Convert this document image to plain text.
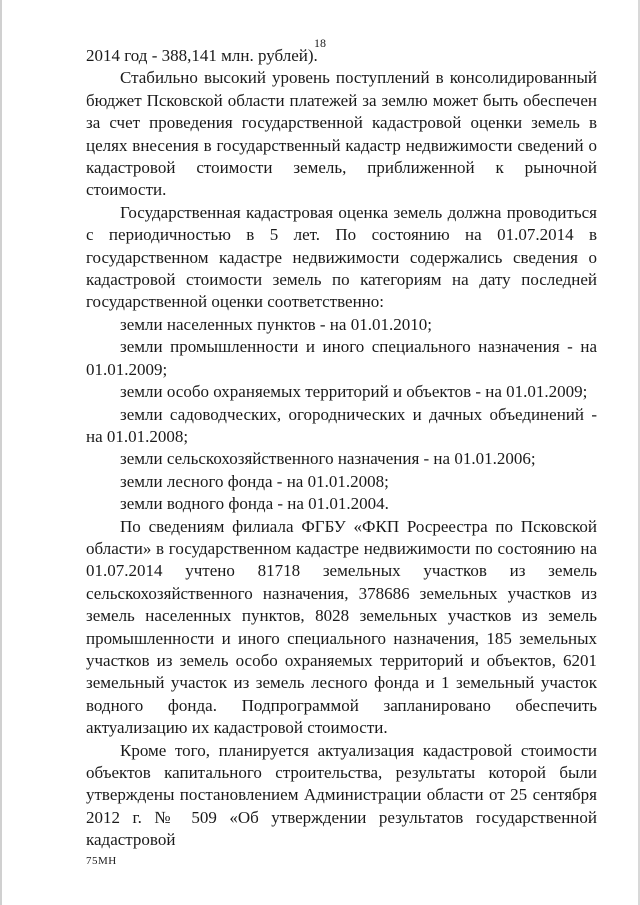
18

2014 год - 388,141 млн. рублей).

Стабильно высокий уровень поступлений в консолидированный бюджет Псковской области платежей за землю может быть обеспечен за счет проведения государственной кадастровой оценки земель в целях внесения в государственный кадастр недвижимости сведений о кадастровой стоимости земель, приближенной к рыночной стоимости.

Государственная кадастровая оценка земель должна проводиться с периодичностью в 5 лет. По состоянию на 01.07.2014 в государственном кадастре недвижимости содержались сведения о кадастровой стоимости земель по категориям на дату последней государственной оценки соответственно:

земли населенных пунктов - на 01.01.2010;

земли промышленности и иного специального назначения - на 01.01.2009;

земли особо охраняемых территорий и объектов - на 01.01.2009;

земли садоводческих, огороднических и дачных объединений - на 01.01.2008;

земли сельскохозяйственного назначения - на 01.01.2006;

земли лесного фонда - на 01.01.2008;

земли водного фонда - на 01.01.2004.

По сведениям филиала ФГБУ «ФКП Росреестра по Псковской области» в государственном кадастре недвижимости по состоянию на 01.07.2014 учтено 81718 земельных участков из земель сельскохозяйственного назначения, 378686 земельных участков из земель населенных пунктов, 8028 земельных участков из земель промышленности и иного специального назначения, 185 земельных участков из земель особо охраняемых территорий и объектов, 6201 земельный участок из земель лесного фонда и 1 земельный участок водного фонда. Подпрограммой запланировано обеспечить актуализацию их кадастровой стоимости.

Кроме того, планируется актуализация кадастровой стоимости объектов капитального строительства, результаты которой были утверждены постановлением Администрации области от 25 сентября 2012 г. № 509 «Об утверждении результатов государственной кадастровой

75МН
